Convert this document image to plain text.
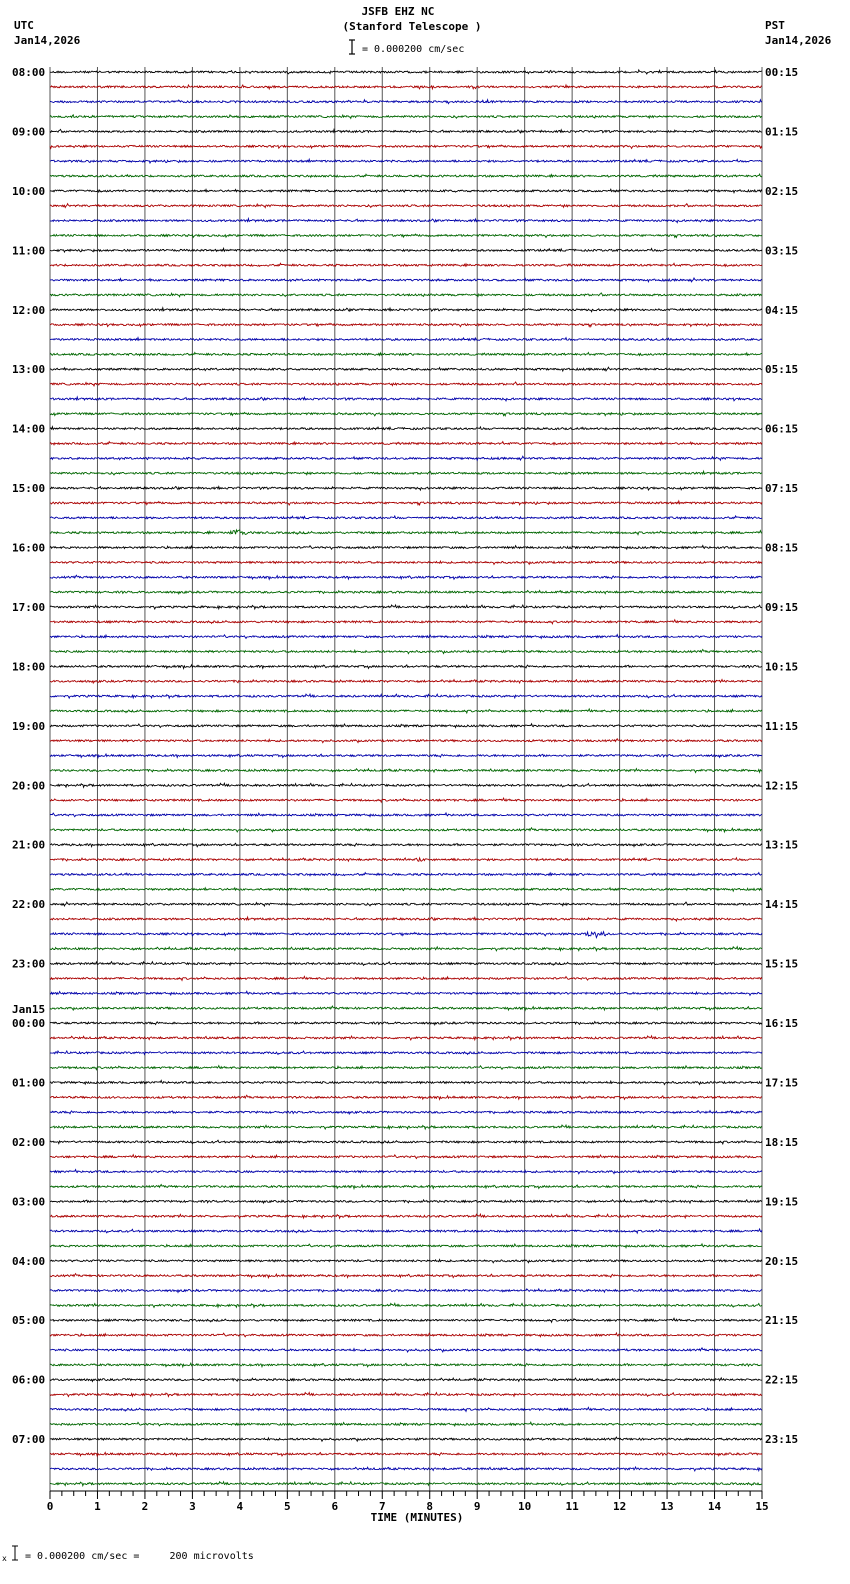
JSFB EHZ NC
(Stanford Telescope )
= 0.000200 cm/sec
UTC
Jan14,2026
PST
Jan14,2026
08:00
09:00
10:00
11:00
12:00
13:00
14:00
15:00
16:00
17:00
18:00
19:00
20:00
21:00
22:00
23:00
00:00
Jan15
01:00
02:00
03:00
04:00
05:00
06:00
07:00
00:15
01:15
02:15
03:15
04:15
05:15
06:15
07:15
08:15
09:15
10:15
11:15
12:15
13:15
14:15
15:15
16:15
17:15
18:15
19:15
20:15
21:15
22:15
23:15
0	1	2	3	4	5	6	7	8	9	10	11	12	13	14	15
TIME (MINUTES)
x = 0.000200 cm/sec =     200 microvolts
